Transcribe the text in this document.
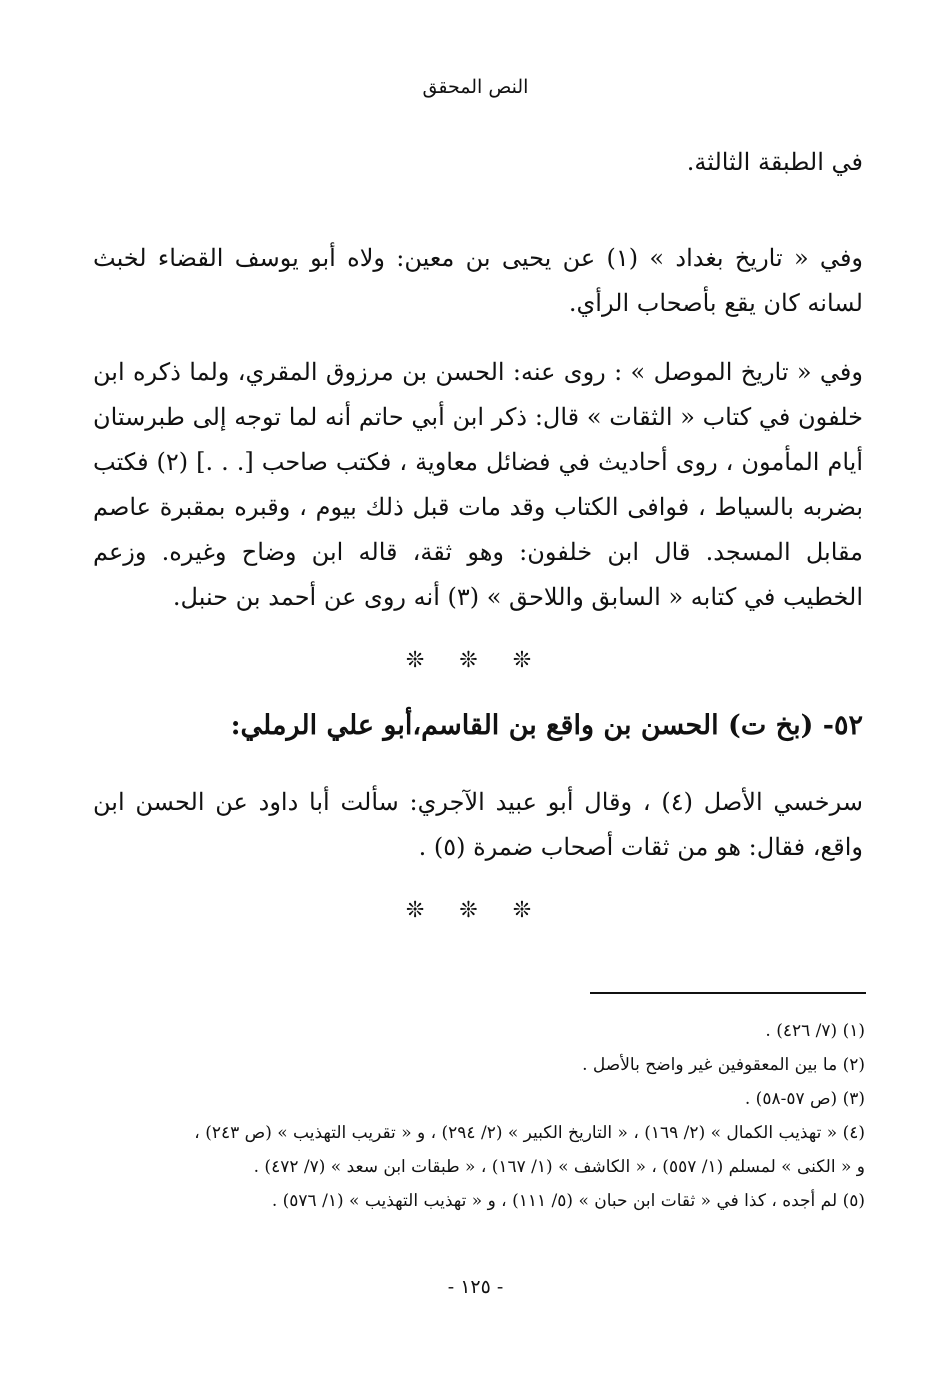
النص المحقق

في الطبقة الثالثة.

وفي « تاريخ بغداد » (١) عن يحيى بن معين: ولاه أبو يوسف القضاء لخبث لسانه كان يقع بأصحاب الرأي.

وفي « تاريخ الموصل » : روى عنه: الحسن بن مرزوق المقري، ولما ذكره ابن خلفون في كتاب « الثقات » قال: ذكر ابن أبي حاتم أنه لما توجه إلى طبرستان أيام المأمون ، روى أحاديث في فضائل معاوية ، فكتب صاحب [. . .] (٢) فكتب بضربه بالسياط ، فوافى الكتاب وقد مات قبل ذلك بيوم ، وقبره بمقبرة عاصم مقابل المسجد. قال ابن خلفون: وهو ثقة، قاله ابن وضاح وغيره. وزعم الخطيب في كتابه « السابق واللاحق » (٣) أنه روى عن أحمد بن حنبل.

❊ ❊ ❊
٥٢- (بخ ت) الحسن بن واقع بن القاسم،أبو علي الرملي:

سرخسي الأصل (٤) ، وقال أبو عبيد الآجري: سألت أبا داود عن الحسن ابن واقع، فقال: هو من ثقات أصحاب ضمرة (٥) .

❊ ❊ ❊
(١) (٧/ ٤٢٦) .
(٢) ما بين المعقوفين غير واضح بالأصل .
(٣) (ص ٥٧-٥٨) .
(٤) « تهذيب الكمال » (٢/ ١٦٩) ، « التاريخ الكبير » (٢/ ٢٩٤) ، و « تقريب التهذيب » (ص ٢٤٣) ،
و « الكنى » لمسلم (١/ ٥٥٧) ، « الكاشف » (١/ ١٦٧) ، « طبقات ابن سعد » (٧/ ٤٧٢) .
(٥) لم أجده ، كذا في « ثقات ابن حبان » (٥/ ١١١) ، و « تهذيب التهذيب » (١/ ٥٧٦) .
- ١٢٥ -
